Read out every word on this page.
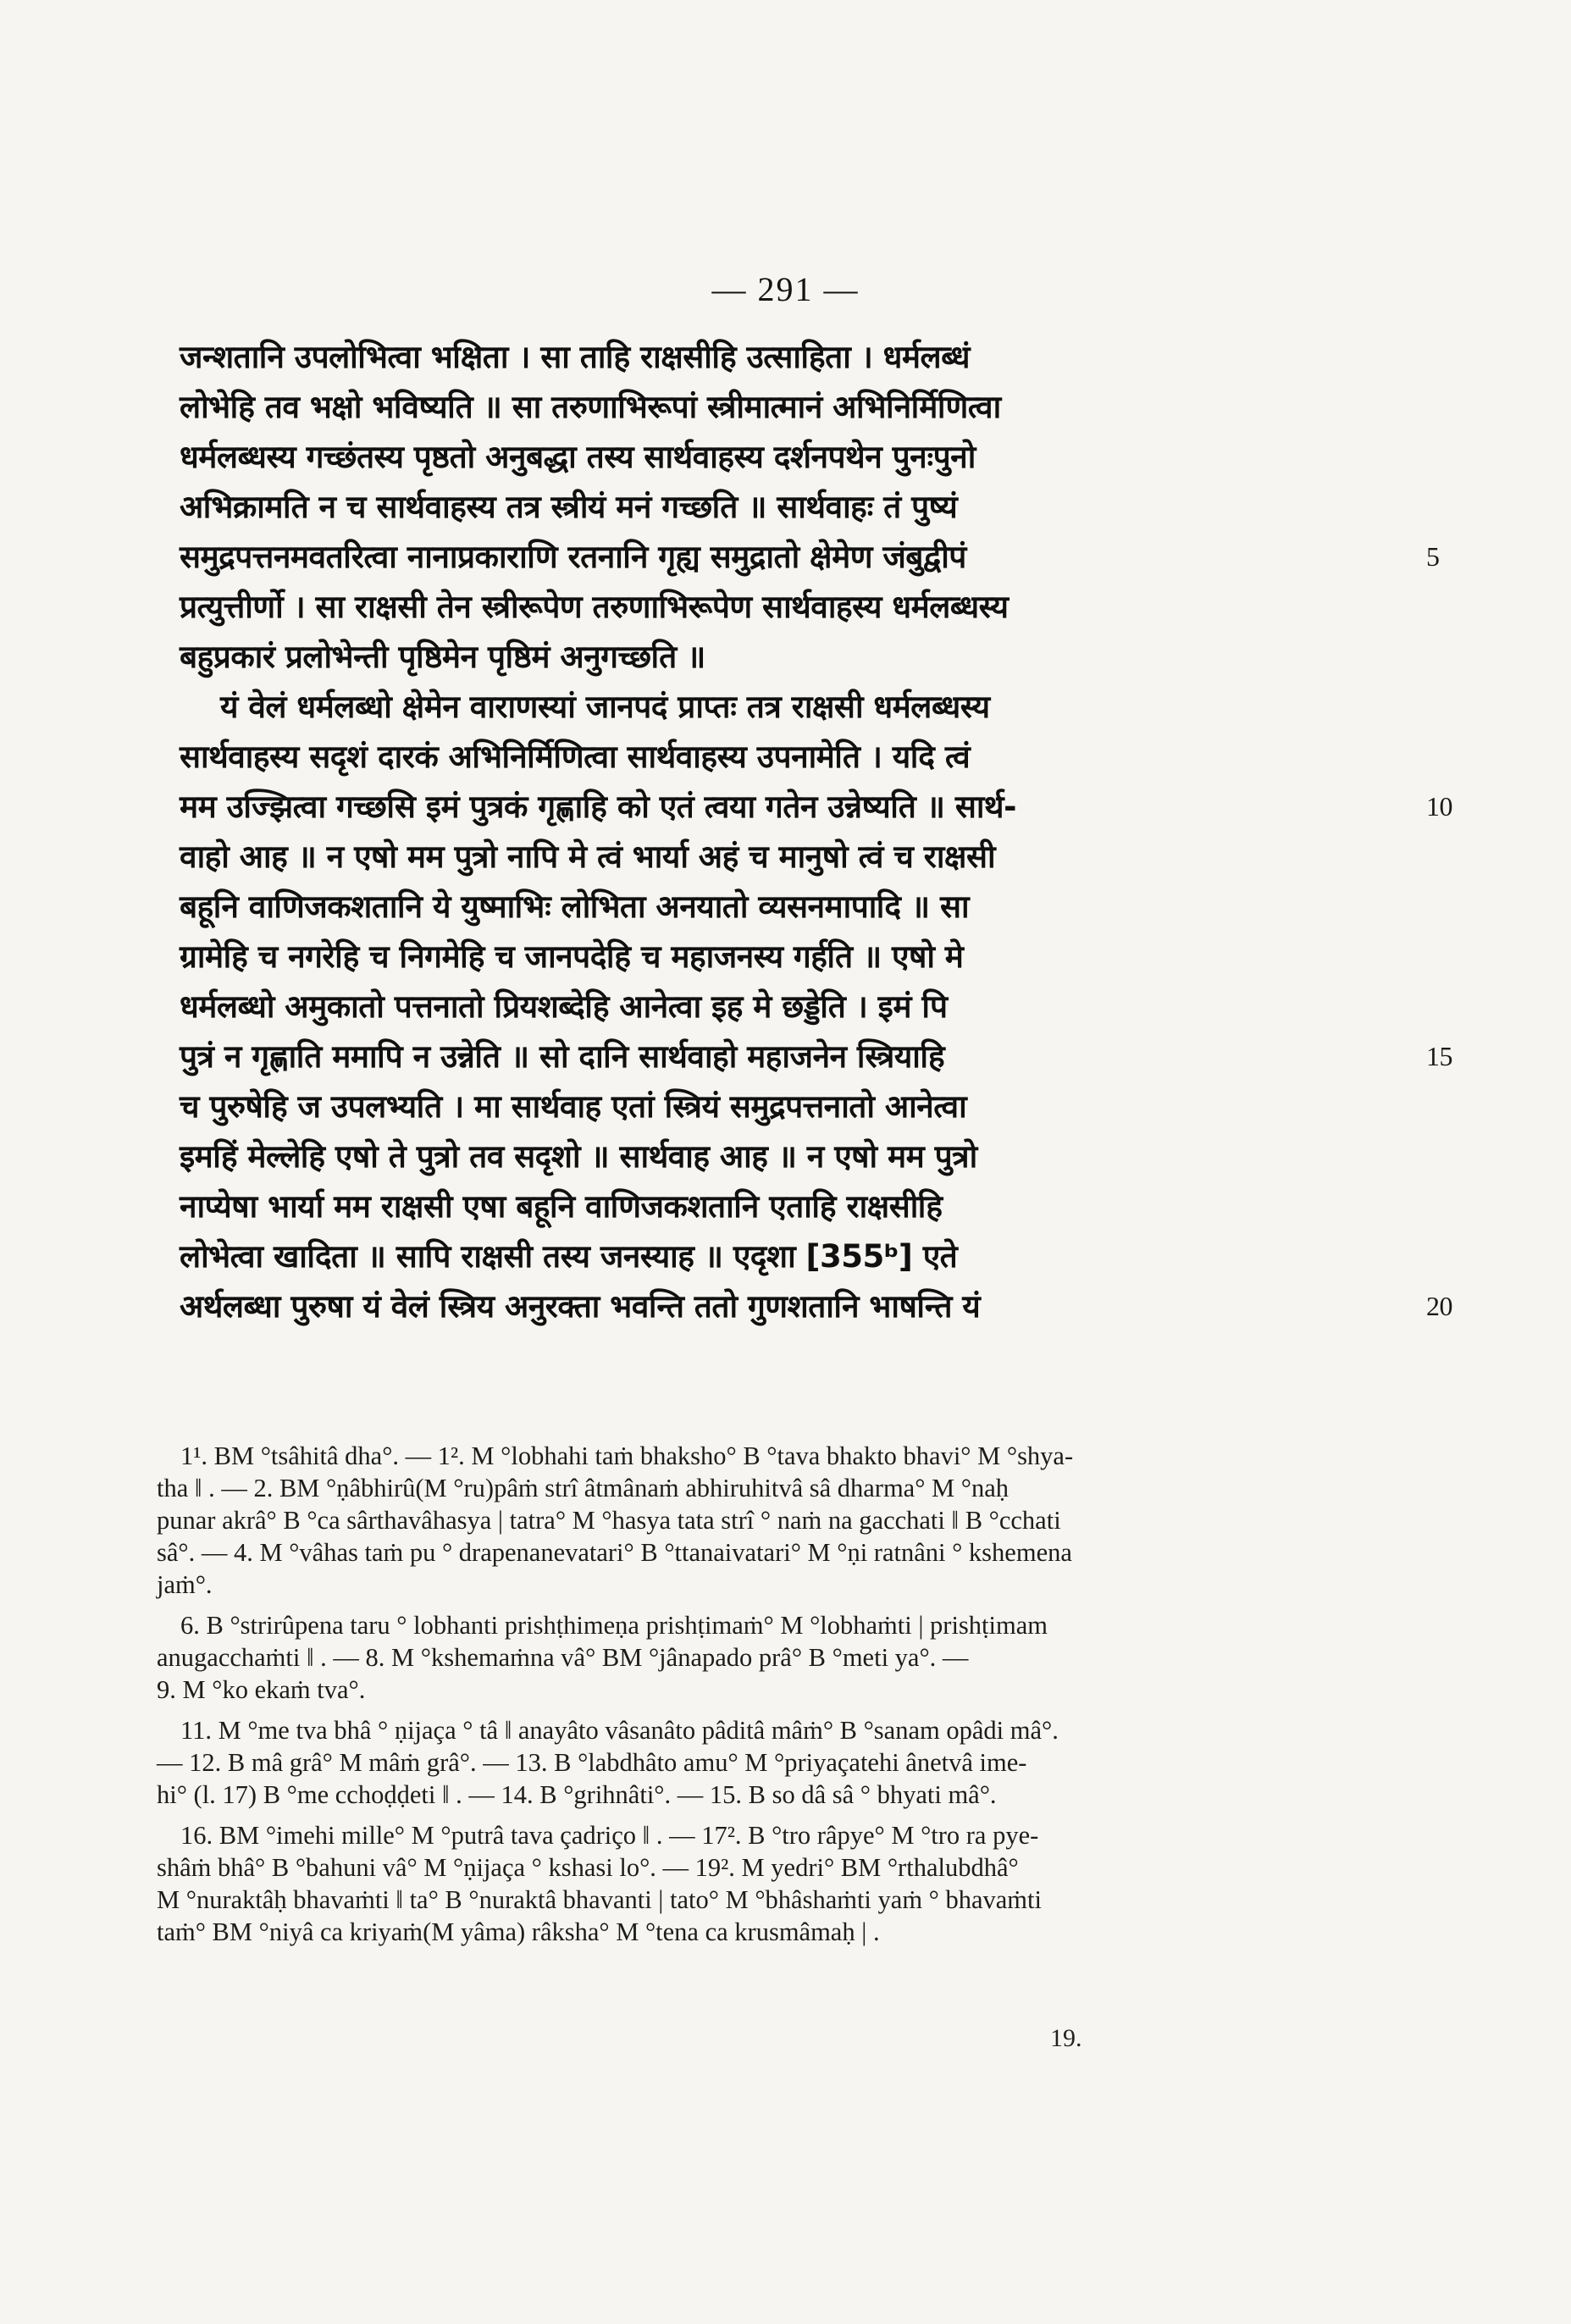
— 291 —
जन्शतानि उपलोभित्वा भक्षिता । सा ताहि राक्षसीहि उत्साहिता । धर्मलब्धं
लोभेहि तव भक्षो भविष्यति ॥ सा तरुणाभिरूपां स्त्रीमात्मानं अभिनिर्मिणित्वा
धर्मलब्धस्य गच्छंतस्य पृष्ठतो अनुबद्धा तस्य सार्थवाहस्य दर्शनपथेन पुनःपुनो
अभिक्रामति न च सार्थवाहस्य तत्र स्त्रीयं मनं गच्छति ॥ सार्थवाहः तं पुष्यं
समुद्रपत्तनमवतरित्वा नानाप्रकाराणि रतनानि गृह्य समुद्रातो क्षेमेण जंबुद्वीपं	5
प्रत्युत्तीर्णो । सा राक्षसी तेन स्त्रीरूपेण तरुणाभिरूपेण सार्थवाहस्य धर्मलब्धस्य
बहुप्रकारं प्रलोभेन्ती पृष्ठिमेन पृष्ठिमं अनुगच्छति ॥
यं वेलं धर्मलब्धो क्षेमेन वाराणस्यां जानपदं प्राप्तः तत्र राक्षसी धर्मलब्धस्य
सार्थवाहस्य सदृशं दारकं अभिनिर्मिणित्वा सार्थवाहस्य उपनामेति । यदि त्वं
मम उज्झित्वा गच्छसि इमं पुत्रकं गृह्णाहि को एतं त्वया गतेन उन्नेष्यति ॥ सार्थ-	10
वाहो आह ॥ न एषो मम पुत्रो नापि मे त्वं भार्या अहं च मानुषो त्वं च राक्षसी
बहूनि वाणिजकशतानि ये युष्माभिः लोभिता अनयातो व्यसनमापादि ॥ सा
ग्रामेहि च नगरेहि च निगमेहि च जानपदेहि च महाजनस्य गर्हति ॥ एषो मे
धर्मलब्धो अमुकातो पत्तनातो प्रियशब्देहि आनेत्वा इह मे छड्डेति । इमं पि
पुत्रं न गृह्णाति ममापि न उन्नेति ॥ सो दानि सार्थवाहो महाजनेन स्त्रियाहि	15
च पुरुषेहि ज उपलभ्यति । मा सार्थवाह एतां स्त्रियं समुद्रपत्तनातो आनेत्वा
इमहिं मेल्लेहि एषो ते पुत्रो तव सदृशो ॥ सार्थवाह आह ॥ न एषो मम पुत्रो
नाप्येषा भार्या मम राक्षसी एषा बहूनि वाणिजकशतानि एताहि राक्षसीहि
लोभेत्वा खादिता ॥ सापि राक्षसी तस्य जनस्याह ॥ एदृशा [355ᵇ] एते
अर्थलब्धा पुरुषा यं वेलं स्त्रिय अनुरक्ता भवन्ति ततो गुणशतानि भाषन्ति यं	20
1¹. BM °tsâhitâ dha°. — 1². M °lobhahi taṁ bhaksho° B °tava bhakto bhavi° M °shya-
tha ‖ . — 2. BM °ṇâbhirû(M °ru)pâṁ strî âtmânaṁ abhiruhitvâ sâ dharma° M °naḥ
punar akrâ° B °ca sârthavâhasya | tatra° M °hasya tata strî ° naṁ na gacchati ‖ B °cchati
sâ°. — 4. M °vâhas taṁ pu ° drapenanevatari° B °ttanaivatari° M °ṇi ratnâni ° kshemena
jaṁ°.
6. B °strirûpena taru ° lobhanti prishṭhimeṇa prishṭimaṁ° M °lobhaṁti | prishṭimam
anugacchaṁti ‖ . — 8. M °kshemaṁna vâ° BM °jânapado prâ° B °meti ya°. —
9. M °ko ekaṁ tva°.
11. M °me tva bhâ ° ṇijaça ° tâ ‖ anayâto vâsanâto pâditâ mâṁ° B °sanam opâdi mâ°.
— 12. B mâ grâ° M mâṁ grâ°. — 13. B °labdhâto amu° M °priyaçatehi ânetvâ ime-
hi° (l. 17) B °me cchoḍḍeti ‖ . — 14. B °grihnâti°. — 15. B so dâ sâ ° bhyati mâ°.
16. BM °imehi mille° M °putrâ tava çadriço ‖ . — 17². B °tro râpye° M °tro ra pye-
shâṁ bhâ° B °bahuni vâ° M °ṇijaça ° kshasi lo°. — 19². M yedri° BM °rthalubdhâ°
M °nuraktâḥ bhavaṁti ‖ ta° B °nuraktâ bhavanti | tato° M °bhâshaṁti yaṁ ° bhavaṁti
taṁ° BM °niyâ ca kriyaṁ(M yâma) râksha° M °tena ca krusmâmaḥ | .
19.
